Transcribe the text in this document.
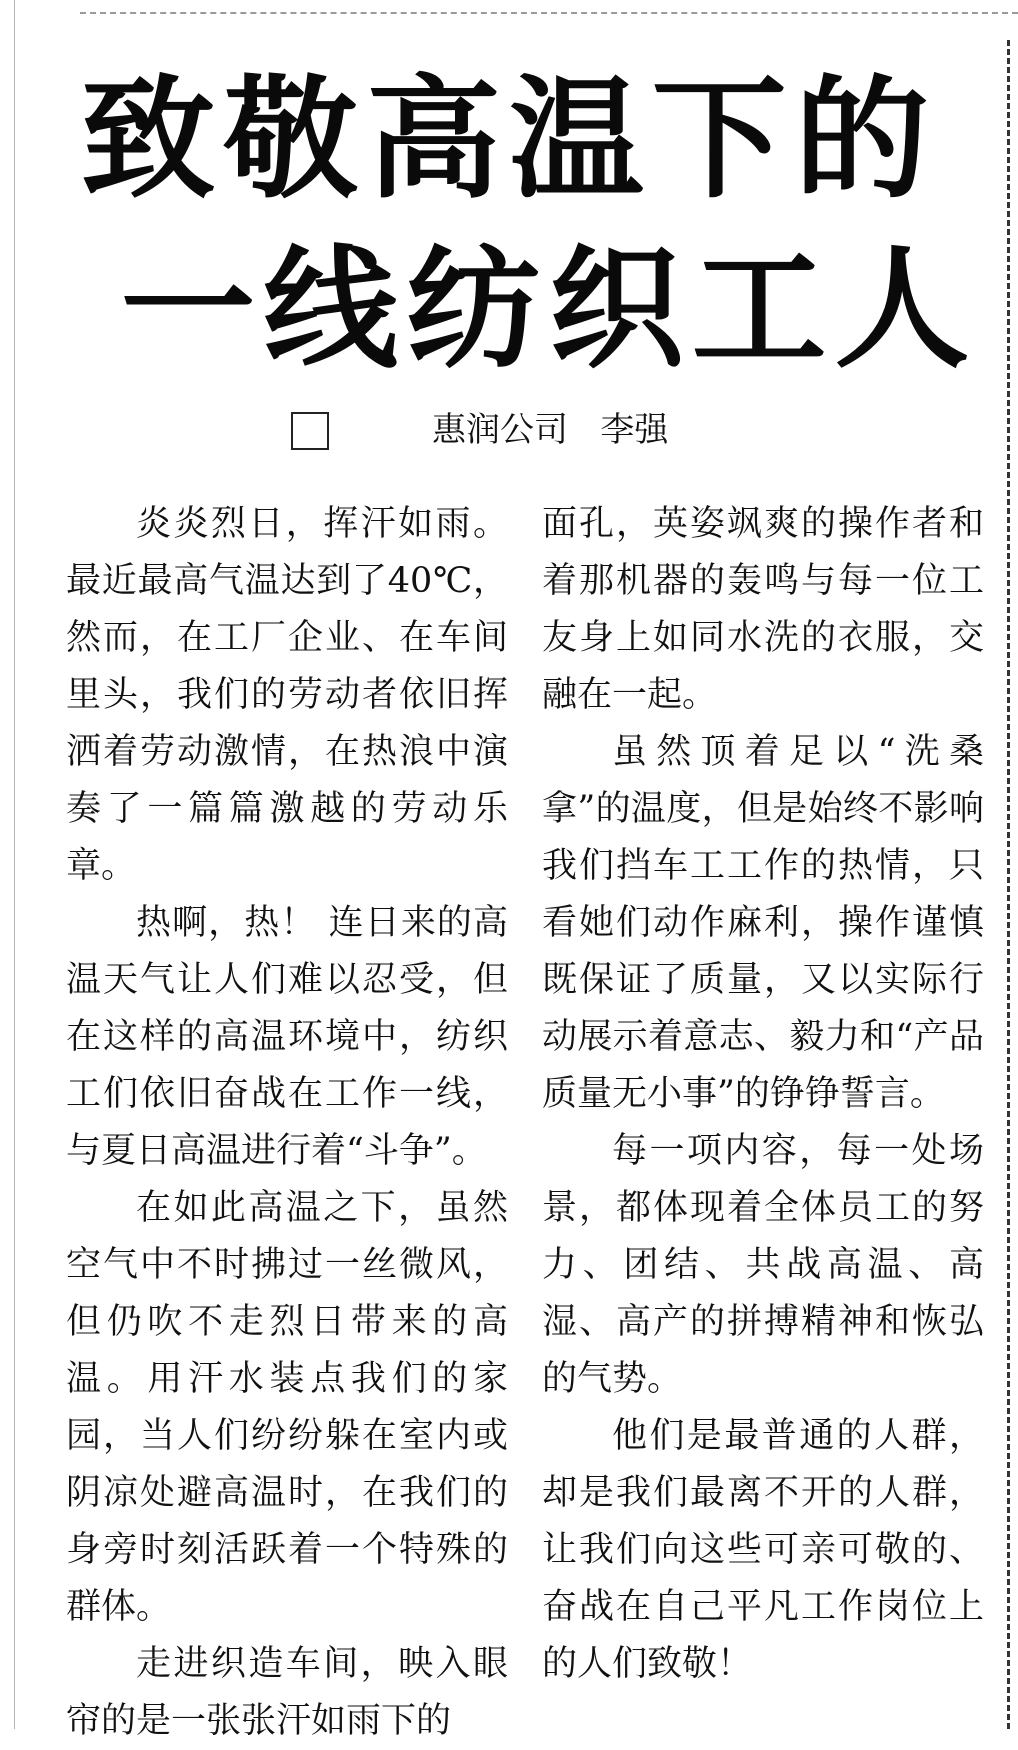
致敬高温下的
一线纺织工人
惠润公司   李强

炎炎烈日，挥汗如雨。最近最高气温达到了40℃，然而，在工厂企业、在车间里头，我们的劳动者依旧挥洒着劳动激情，在热浪中演奏了一篇篇激越的劳动乐章。

热啊，热！ 连日来的高温天气让人们难以忍受，但在这样的高温环境中，纺织工们依旧奋战在工作一线，与夏日高温进行着“斗争”。

在如此高温之下，虽然空气中不时拂过一丝微风，但仍吹不走烈日带来的高温。用汗水装点我们的家园，当人们纷纷躲在室内或阴凉处避高温时，在我们的身旁时刻活跃着一个特殊的群体。

走进织造车间，映入眼帘的是一张张汗如雨下的

面孔，英姿飒爽的操作者和着那机器的轰鸣与每一位工友身上如同水洗的衣服，交融在一起。

虽然顶着足以“洗桑拿”的温度，但是始终不影响我们挡车工工作的热情，只看她们动作麻利，操作谨慎既保证了质量，又以实际行动展示着意志、毅力和“产品质量无小事”的铮铮誓言。

每一项内容，每一处场景，都体现着全体员工的努力、团结、共战高温、高湿、高产的拼搏精神和恢弘的气势。

他们是最普通的人群，却是我们最离不开的人群，让我们向这些可亲可敬的、奋战在自己平凡工作岗位上的人们致敬！
